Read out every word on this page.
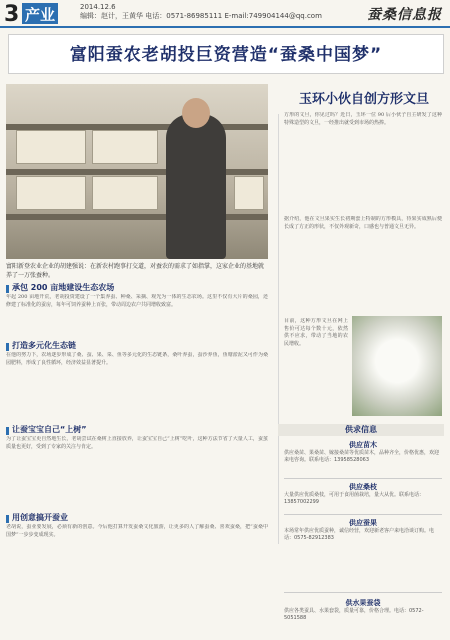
3 产业	2014.12.6
编辑：赵计，王黄华 电话：0571-86985111 E-mail:749904144@qq.com	蚕桑信息报
富阳蚕农老胡投巨资营造“蚕桑中国梦”
富阳新登农业企业的胡建强说：在新农村跑事打交道，对蚕农的需求了如指掌，这家企业的基地就养了一万张蚕种。
承包 200 亩地建设生态农场
年起 200 亩地开荒，老胡投资建设了一个集养蚕、种桑、采摘、观光为一体的生态农场。这里不仅有大片的桑园，还修建了标准化的蚕房，每年可饲养蚕种上百张，带动周边农户共同增收致富。
打造多元化生态链
在他的努力下，农场逐步形成了桑、蚕、果、菜、鱼等多元化的生态链条，桑叶养蚕，蚕沙养鱼，鱼塘淤泥又可作为桑园肥料，形成了良性循环，经济效益显著提升。
让蚕宝宝自己“上树”
为了让蚕宝宝更自然地生长，老胡尝试在桑树上直接放养，让蚕宝宝自己“上树”吃叶，这种方法节省了大量人工，蚕茧质量也更好，受到了专家的关注与肯定。
用创意搞开蚕业
老胡说，蚕业要发展，必须有新的创意。今后他打算开发蚕桑文化旅游，让更多的人了解蚕桑、喜欢蚕桑，把“蚕桑中国梦”一步步变成现实。
玉环小伙自创方形文旦
方形的文旦，你见过吗？近日，玉环一位 90 后小伙子自主研发了这种特殊造型的文旦，一经推出就受到市场的热捧。
据介绍，他在文旦果实生长初期套上特制的方形模具，待果实成熟后便长成了方正的形状，不仅外观新奇，口感也与普通文旦无异。
目前，这种方形文旦在网上售价可达每个数十元，依然供不应求，带动了当地的农民增收。
供求信息
供应苗木
供应桑苗、果桑苗、嫁接桑苗等优质苗木，品种齐全，价格优惠，欢迎来电咨询。联系电话：13958528063
供应桑枝
大量供应优质桑枝，可用于食用菌栽培，量大从优。联系电话：13857002299
供应蚕果
本场常年供应优质蚕种，诚信经营，欢迎新老客户来电洽谈订购。电话：0575-82912383
供水果蚕袋
供应各类蚕具、水果套袋，质量可靠，价格合理。电话：0572-5051588
